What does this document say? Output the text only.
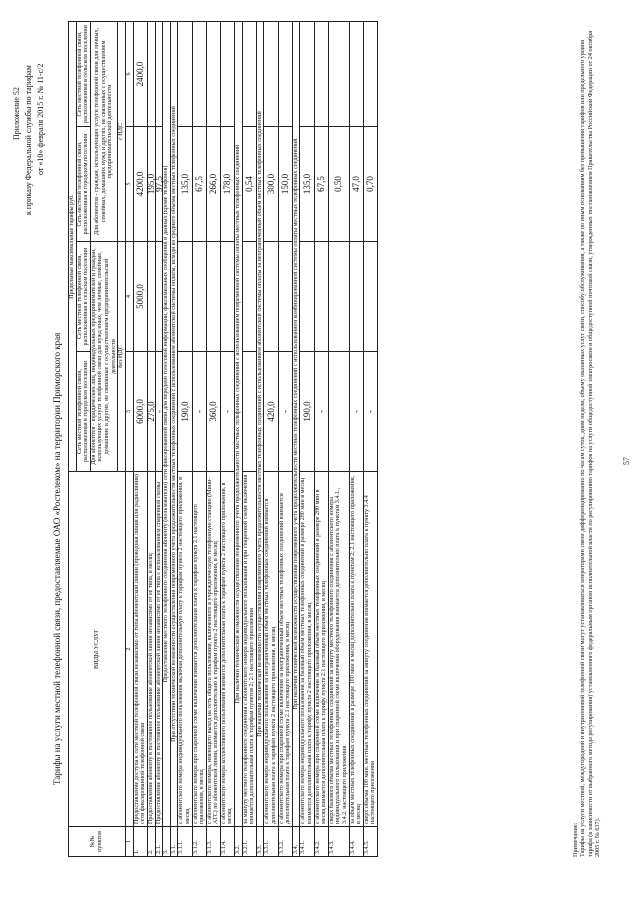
Приложение 52 к приказу Федеральной службы по тарифам от «10» февраля 2015 г. № 11-с/2
Тарифы на услуги местной телефонной связи, предоставляемые ОАО «Ростелеком» на территории Приморского края
№№ пунктов	ВИДЫ УСЛУГ	Предельные максимальные тарифы руб.			
		Сеть местной телефонной связи, расположенная в городском поселении	Сеть местной телефонной связи, расположенная в сельском поселении	Сеть местной телефонной связи, расположенная в городском поселении	Сеть местной телефонной связи, расположенная в сельском поселении
		Для абонентов - юридических лиц, индивидуальных предпринимателей и граждан, использующих услуги телефонной связи для нужд иных, чем личные, семейные, домашние и другие, не связанные с осуществлением предпринимательской деятельности		Для абонентов - граждан, использующих услуги телефонной связи для личных, семейных, домашних нужд и других, не связанных с осуществлением предпринимательской деятельности	
		без НДС		с НДС	
1	2	3	4	5	6
1.	Предоставление доступа к сети местной телефонной связи независимо от типа абонентской линии (проводная линия или радиолиния) сети фиксированной телефонной связи	6000,0	5000,0	4200,0	2400,0
2.	Предоставление абоненту в постоянное пользование абонентской линии независимо от ее типа, в месяц	275,0		195,0	
2.1.	Предоставление абоненту в постоянное пользование абонентской линии независимо от ее типа с использованием спаренной схемы	-		97,5	
3.	Предоставление местного телефонного соединения абоненту (пользователю) сети фиксированной связи для передачи голосовой информации, факсимильных сообщений и данных (кроме телефонов)				
3.1.	При отсутствии технической возможности осуществления повременного учета продолжительности местных телефонных соединений с использованием абонентской системы оплаты, исходя из среднего объема местных телефонных соединений				
3.1.1.	с абонентского номера индивидуального пользования включая дополнительную плату к тарифам пункта 2 настоящего приложения, в месяц	190,0		135,0	
3.1.2.	с абонентского номера при спаренной схеме включения взимается дополнительная плата к тарифам пункта 2.1 настоящего приложения, в месяц	-		67,5	
3.1.3.	с абонентского номера, имеющего выход на сеть общего пользования, включенного в учрежденческую телефонную станцию (Мини-АТС) по абонентской линии, взимается дополнительно к тарифам пункта 2 настоящего приложения, в месяц	360,0		266,0	
3.1.4.	с абонентского номера коллективного пользования взимается дополнительная плата к тарифам пункта 2 настоящего приложения, в месяц	-		178,0	
3.2.	При наличии технической возможности осуществления повременного учета продолжительности местных телефонных соединений с использованием повременной системы оплаты местных телефонных соединений				
3.2.1.	за минуту местного телефонного соединения с абонентского номера индивидуального пользования и при спаренной схеме включения взимается дополнительная плата к тарифам пунктов 2; 2.1 настоящего приложения			0,54	
3.3.	При наличии технической возможности осуществления повременного учета продолжительности местных телефонных соединений с использованием абонентской системы оплаты за неограниченный объем местных телефонных соединений				
3.3.1.	с абонентского номера индивидуального пользования за неограниченный объем местных телефонных соединений взимается дополнительная плата к тарифам пункта 2 настоящего приложения, в месяц	420,0		300,0	
3.3.2.	с абонентского номера при спаренной схеме включения за неограниченный объем местных телефонных соединений взимается дополнительная плата к тарифам пункта 2.1 настоящего приложения, в месяц	-		150,0	
3.4.	При наличии технической возможности осуществления повременного учета продолжительности местных телефонных соединений с использованием комбинированной системы оплаты местных телефонных соединений				
3.4.1.	с абонентского номера индивидуального пользования за базовый объем местных телефонных соединений в размере 280 мин в месяц взимается дополнительная плата к тарифу пункта 2 настоящего приложения, в месяц	190,0		135,0	
3.4.2.	с абонентского номера при спаренной схеме включения за базовый объем местных телефонных соединений в размере 280 мин в месяц взимается дополнительная плата к тарифу пункта 2.1 настоящего приложения, в месяц	-		67,5	
3.4.3.	сверх базового объема местных телефонных соединений за минуту местного телефонного соединения с абонентского номера индивидуального пользования и при спаренной схеме включения оборудования взимается дополнительно плата к пунктам 3.4.1., 3.4.2. настоящего приложения			0,50	
3.4.4.	за объем местных телефонных соединений в размере 100 мин в месяц дополнительно плата к пунктам 2; 2.1 настоящего приложения, в месяц	-		47,0	
3.4.5.	сверх объема 100 мин. местных телефонных соединений за минуту соединения взимается дополнительно плата к пункту 3.4.4 настоящего приложения	-		0,70	
Примечание:
Тарифы на услуги местной, междугородной и внутризоновой телефонной связи могут устанавливаться операторами связи дифференцированно по часам суток, дням недели, объему оказанных услуг связи, способу обслуживания, а также по иным основаниям без превышения тарифов или предельного уровня тарифа (в зависимости от выбранного метода регулирования) установленного федеральным органом исполнительной власти по регулированию тарифов на услуги общедоступной электросвязи и общедоступной почтовой связи, утвержденных постановлением Правительства Российской Федерации от 24 октября 2005 г. № 637).
57
